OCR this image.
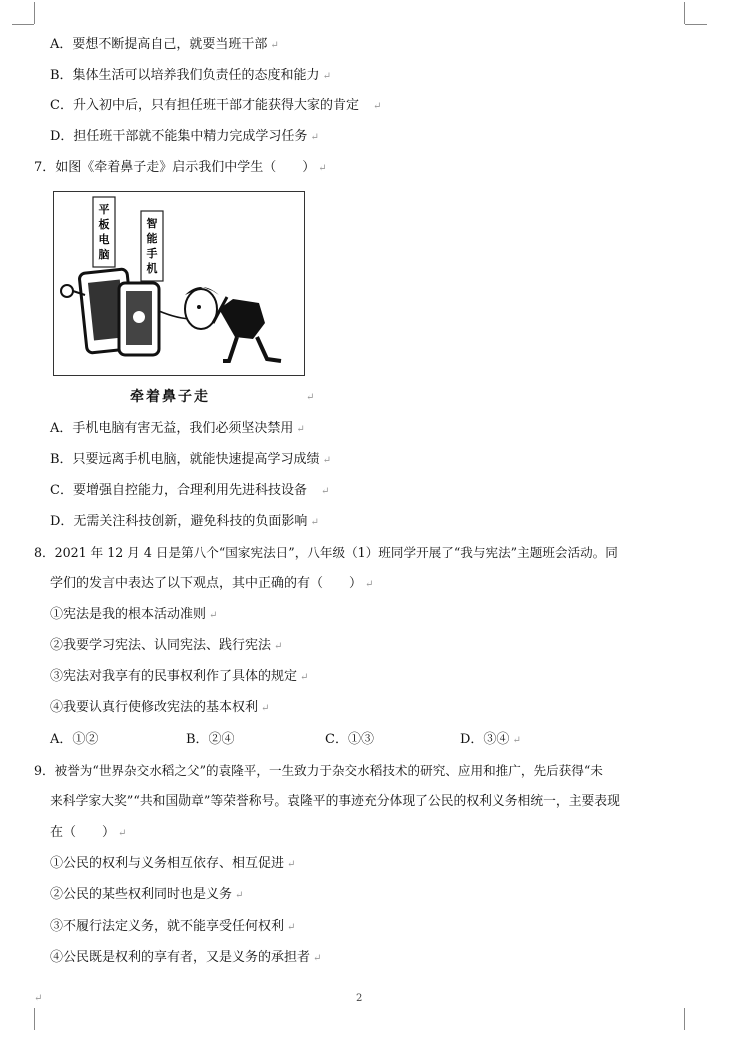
A．要想不断提高自己，就要当班干部 ↵
B．集体生活可以培养我们负责任的态度和能力 ↵
C．升入初中后，只有担任班干部才能获得大家的肯定 ↵
D．担任班干部就不能集中精力完成学习任务 ↵
7．如图《牵着鼻子走》启示我们中学生（　　） ↵
平
板
电
脑
智
能
手
机
牵着鼻子走	↵
A．手机电脑有害无益，我们必须坚决禁用 ↵
B．只要远离手机电脑，就能快速提高学习成绩 ↵
C．要增强自控能力，合理利用先进科技设备 ↵
D．无需关注科技创新，避免科技的负面影响 ↵
8．2021 年 12 月 4 日是第八个“国家宪法日”，八年级（1）班同学开展了“我与宪法”主题班会活动。同
学们的发言中表达了以下观点，其中正确的有（　　） ↵
①宪法是我的根本活动准则 ↵
②我要学习宪法、认同宪法、践行宪法 ↵
③宪法对我享有的民事权利作了具体的规定 ↵
④我要认真行使修改宪法的基本权利 ↵
A．①②	B．②④	C．①③	D．③④ ↵
9．被誉为“世界杂交水稻之父”的袁隆平，一生致力于杂交水稻技术的研究、应用和推广，先后获得“未
来科学家大奖”“共和国勋章”等荣誉称号。袁隆平的事迹充分体现了公民的权利义务相统一，主要表现
在（　　） ↵
①公民的权利与义务相互依存、相互促进 ↵
②公民的某些权利同时也是义务 ↵
③不履行法定义务，就不能享受任何权利 ↵
④公民既是权利的享有者，又是义务的承担者 ↵
↵	2
